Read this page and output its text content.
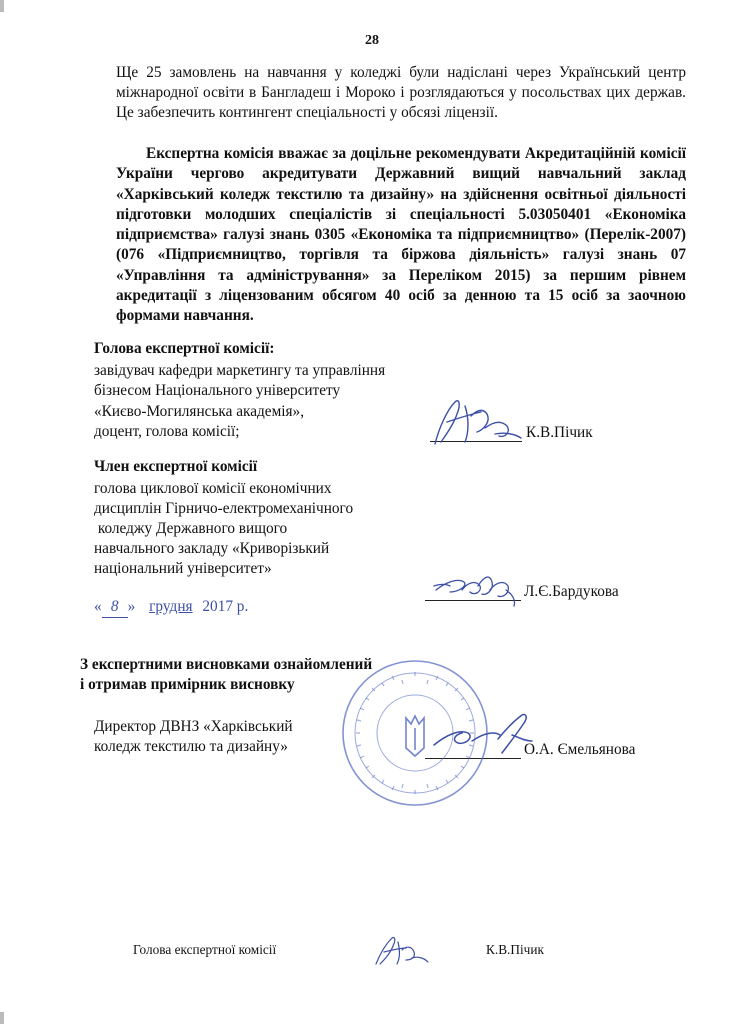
28
Ще 25 замовлень на навчання у коледжі були надіслані через Український центр міжнародної освіти в Бангладеш і Мороко і розглядаються у посольствах цих держав. Це забезпечить контингент спеціальності у обсязі ліцензії.
Експертна комісія вважає за доцільне рекомендувати Акредитаційній комісії України чергово акредитувати Державний вищий навчальний заклад «Харківський коледж текстилю та дизайну» на здійснення освітньої діяльності підготовки молодших спеціалістів зі спеціальності 5.03050401 «Економіка підприємства» галузі знань 0305 «Економіка та підприємництво» (Перелік-2007) (076 «Підприємництво, торгівля та біржова діяльність» галузі знань 07 «Управління та адміністрування» за Переліком 2015) за першим рівнем акредитації з ліцензованим обсягом 40 осіб за денною та 15 осіб за заочною формами навчання.
Голова експертної комісії:
завідувач кафедри маркетингу та управління
бізнесом Національного університету
«Києво-Могилянська академія»,
доцент, голова комісії;	К.В.Пічик
Член експертної комісії
голова циклової комісії економічних
дисциплін Гірничо-електромеханічного
коледжу Державного вищого
навчального закладу «Криворізький
національний університет»
Л.Є.Бардукова
« 8 » грудня 2017 р.
З експертними висновками ознайомлений
і отримав примірник висновку
Директор ДВНЗ «Харківський
коледж текстилю та дизайну»	О.А. Ємельянова
Голова експертної комісії	К.В.Пічик
